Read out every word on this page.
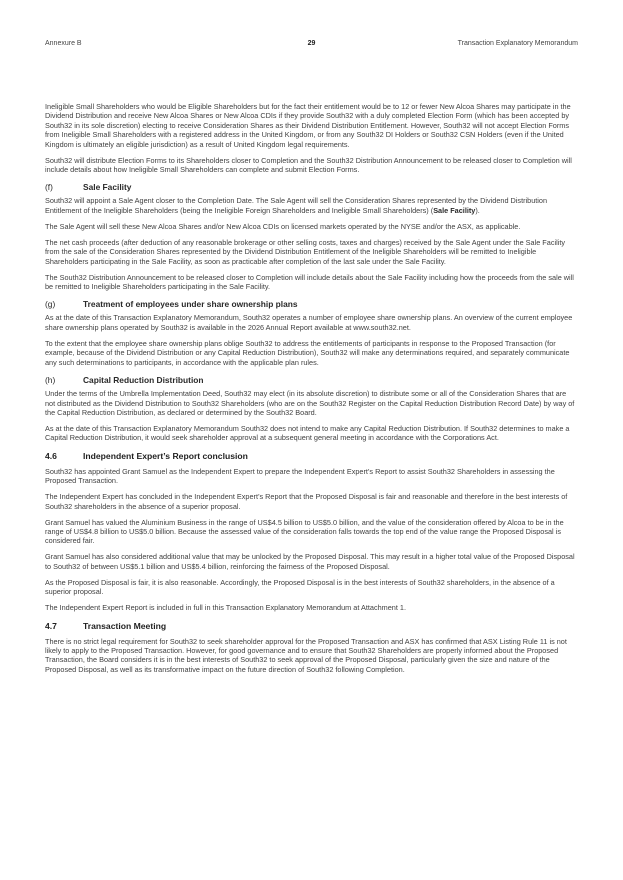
Annexure B	29	Transaction Explanatory Memorandum

Ineligible Small Shareholders who would be Eligible Shareholders but for the fact their entitlement would be to 12 or fewer New Alcoa Shares may participate in the Dividend Distribution and receive New Alcoa Shares or New Alcoa CDIs if they provide South32 with a duly completed Election Form (which has been accepted by South32 in its sole discretion) electing to receive Consideration Shares as their Dividend Distribution Entitlement. However, South32 will not accept Election Forms from Ineligible Small Shareholders with a registered address in the United Kingdom, or from any South32 DI Holders or South32 CSN Holders (even if the United Kingdom is ultimately an eligible jurisdiction) as a result of United Kingdom legal requirements.

South32 will distribute Election Forms to its Shareholders closer to Completion and the South32 Distribution Announcement to be released closer to Completion will include details about how Ineligible Small Shareholders can complete and submit Election Forms.

(f)	Sale Facility

South32 will appoint a Sale Agent closer to the Completion Date. The Sale Agent will sell the Consideration Shares represented by the Dividend Distribution Entitlement of the Ineligible Shareholders (being the Ineligible Foreign Shareholders and Ineligible Small Shareholders) (Sale Facility).

The Sale Agent will sell these New Alcoa Shares and/or New Alcoa CDIs on licensed markets operated by the NYSE and/or the ASX, as applicable.

The net cash proceeds (after deduction of any reasonable brokerage or other selling costs, taxes and charges) received by the Sale Agent under the Sale Facility from the sale of the Consideration Shares represented by the Dividend Distribution Entitlement of the Ineligible Shareholders will be remitted to Ineligible Shareholders participating in the Sale Facility, as soon as practicable after completion of the last sale under the Sale Facility.

The South32 Distribution Announcement to be released closer to Completion will include details about the Sale Facility including how the proceeds from the sale will be remitted to Ineligible Shareholders participating in the Sale Facility.

(g)	Treatment of employees under share ownership plans

As at the date of this Transaction Explanatory Memorandum, South32 operates a number of employee share ownership plans. An overview of the current employee share ownership plans operated by South32 is available in the 2026 Annual Report available at www.south32.net.

To the extent that the employee share ownership plans oblige South32 to address the entitlements of participants in response to the Proposed Transaction (for example, because of the Dividend Distribution or any Capital Reduction Distribution), South32 will make any determinations required, and separately communicate any such determinations to participants, in accordance with the applicable plan rules.

(h)	Capital Reduction Distribution

Under the terms of the Umbrella Implementation Deed, South32 may elect (in its absolute discretion) to distribute some or all of the Consideration Shares that are not distributed as the Dividend Distribution to South32 Shareholders (who are on the South32 Register on the Capital Reduction Distribution Record Date) by way of the Capital Reduction Distribution, as declared or determined by the South32 Board.

As at the date of this Transaction Explanatory Memorandum South32 does not intend to make any Capital Reduction Distribution. If South32 determines to make a Capital Reduction Distribution, it would seek shareholder approval at a subsequent general meeting in accordance with the Corporations Act.

4.6	Independent Expert’s Report conclusion

South32 has appointed Grant Samuel as the Independent Expert to prepare the Independent Expert’s Report to assist South32 Shareholders in assessing the Proposed Transaction.

The Independent Expert has concluded in the Independent Expert’s Report that the Proposed Disposal is fair and reasonable and therefore in the best interests of South32 shareholders in the absence of a superior proposal.

Grant Samuel has valued the Aluminium Business in the range of US$4.5 billion to US$5.0 billion, and the value of the consideration offered by Alcoa to be in the range of US$4.8 billion to US$5.0 billion. Because the assessed value of the consideration falls towards the top end of the value range the Proposed Disposal is considered fair.

Grant Samuel has also considered additional value that may be unlocked by the Proposed Disposal. This may result in a higher total value of the Proposed Disposal to South32 of between US$5.1 billion and US$5.4 billion, reinforcing the fairness of the Proposed Disposal.

As the Proposed Disposal is fair, it is also reasonable. Accordingly, the Proposed Disposal is in the best interests of South32 shareholders, in the absence of a superior proposal.

The Independent Expert Report is included in full in this Transaction Explanatory Memorandum at Attachment 1.

4.7	Transaction Meeting

There is no strict legal requirement for South32 to seek shareholder approval for the Proposed Transaction and ASX has confirmed that ASX Listing Rule 11 is not likely to apply to the Proposed Transaction. However, for good governance and to ensure that South32 Shareholders are properly informed about the Proposed Transaction, the Board considers it is in the best interests of South32 to seek approval of the Proposed Disposal, particularly given the size and nature of the Proposed Disposal, as well as its transformative impact on the future direction of South32 following Completion.
